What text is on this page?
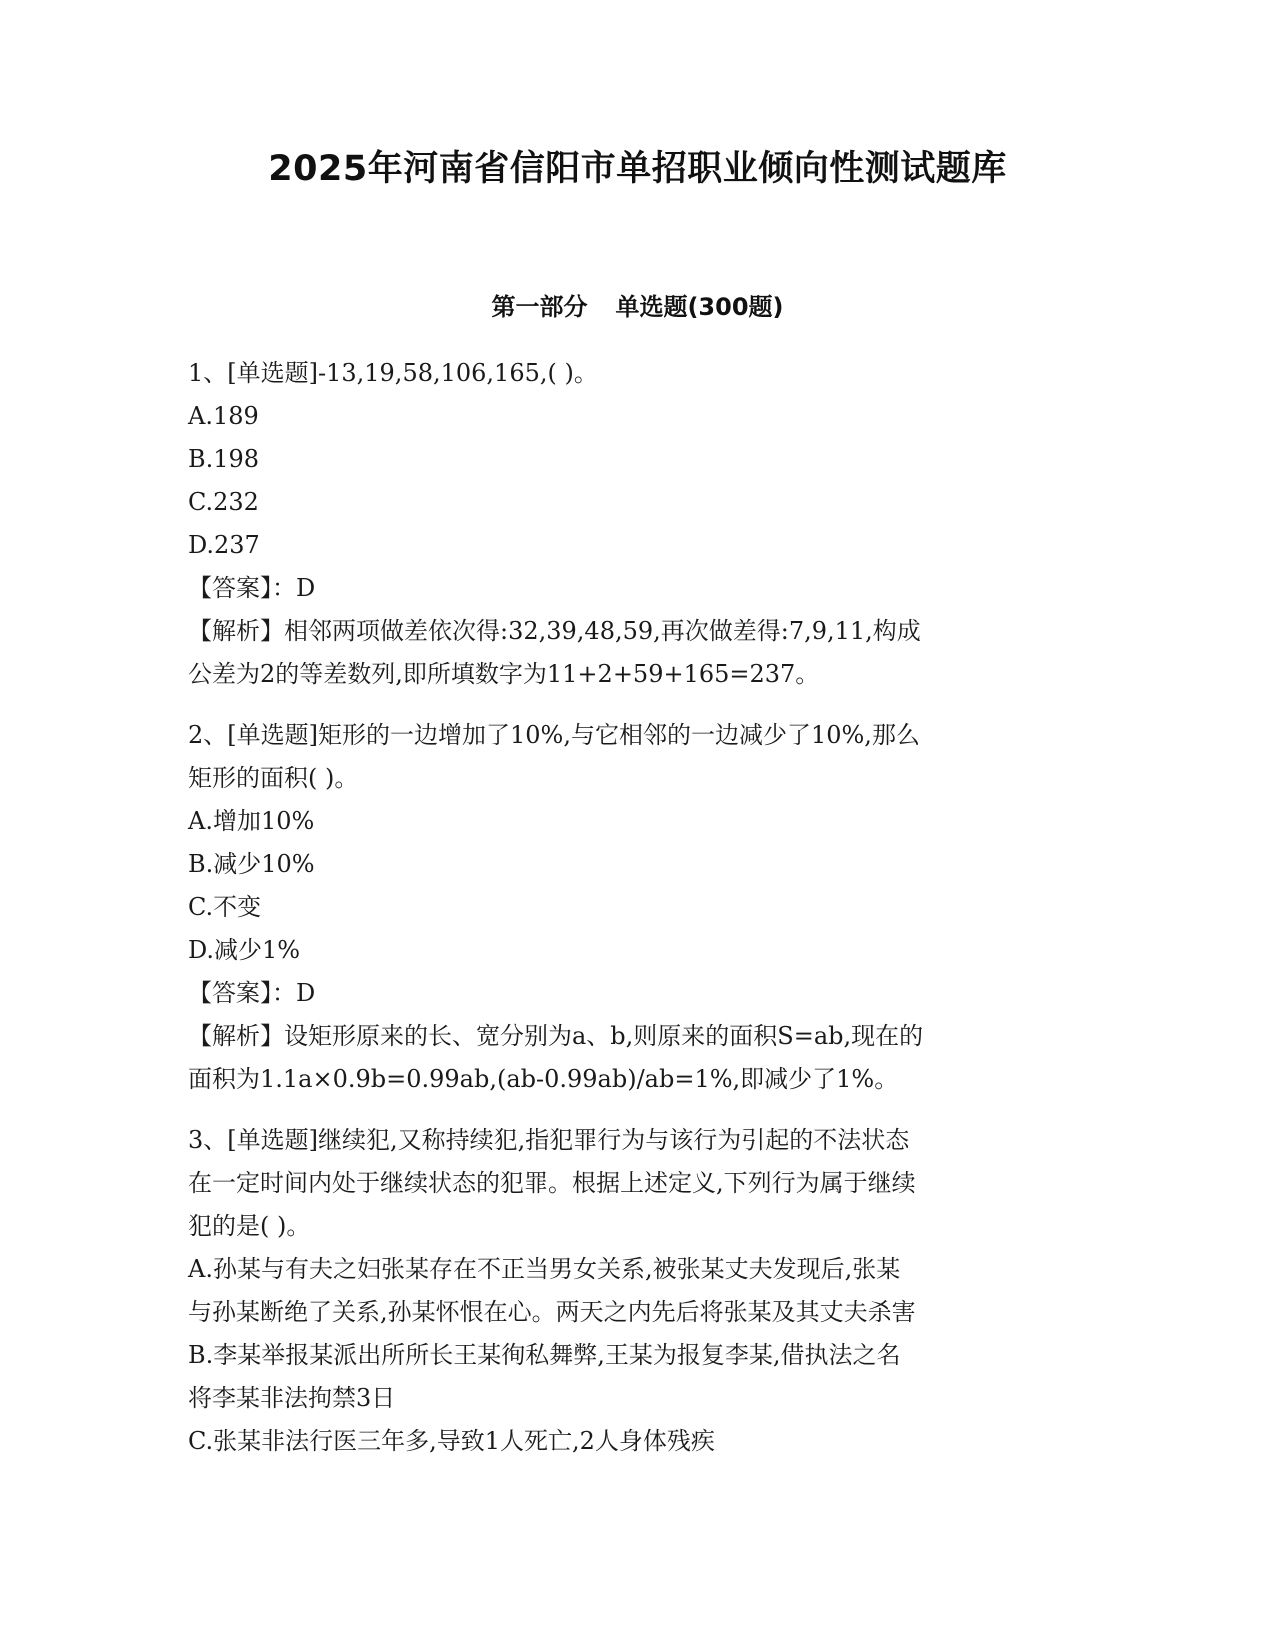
2025年河南省信阳市单招职业倾向性测试题库
第一部分 单选题(300题)
1、[单选题]-13,19,58,106,165,( )。
A.189
B.198
C.232
D.237
【答案】：D
【解析】相邻两项做差依次得:32,39,48,59,再次做差得:7,9,11,构成
公差为2的等差数列,即所填数字为11+2+59+165=237。
2、[单选题]矩形的一边增加了10%,与它相邻的一边减少了10%,那么
矩形的面积( )。
A.增加10%
B.减少10%
C.不变
D.减少1%
【答案】：D
【解析】设矩形原来的长、宽分别为a、b,则原来的面积S=ab,现在的
面积为1.1a×0.9b=0.99ab,(ab-0.99ab)/ab=1%,即减少了1%。
3、[单选题]继续犯,又称持续犯,指犯罪行为与该行为引起的不法状态
在一定时间内处于继续状态的犯罪。根据上述定义,下列行为属于继续
犯的是( )。
A.孙某与有夫之妇张某存在不正当男女关系,被张某丈夫发现后,张某
与孙某断绝了关系,孙某怀恨在心。两天之内先后将张某及其丈夫杀害
B.李某举报某派出所所长王某徇私舞弊,王某为报复李某,借执法之名
将李某非法拘禁3日
C.张某非法行医三年多,导致1人死亡,2人身体残疾
